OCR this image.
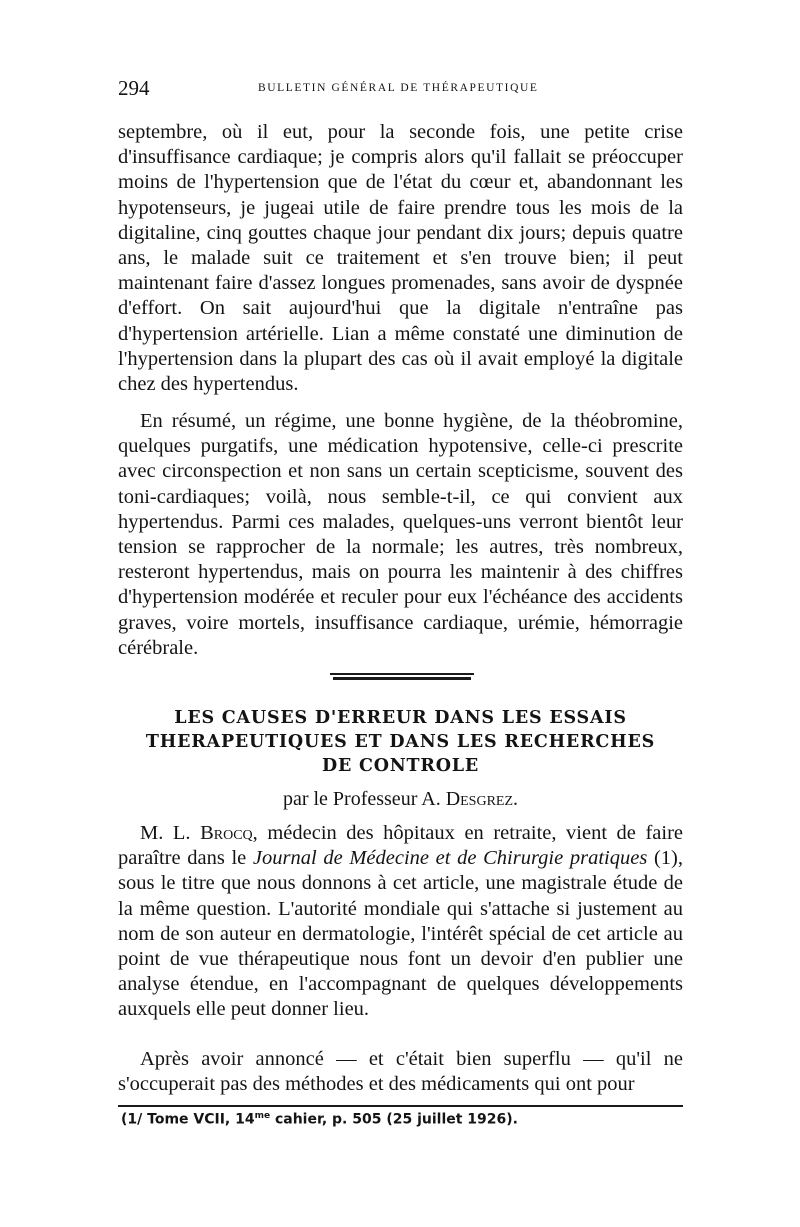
294	BULLETIN GÉNÉRAL DE THÉRAPEUTIQUE

septembre, où il eut, pour la seconde fois, une petite crise d'insuffisance cardiaque; je compris alors qu'il fallait se préoccuper moins de l'hypertension que de l'état du cœur et, abandonnant les hypotenseurs, je jugeai utile de faire prendre tous les mois de la digitaline, cinq gouttes chaque jour pendant dix jours; depuis quatre ans, le malade suit ce traitement et s'en trouve bien; il peut maintenant faire d'assez longues promenades, sans avoir de dyspnée d'effort. On sait aujourd'hui que la digitale n'entraîne pas d'hypertension artérielle. Lian a même constaté une diminution de l'hypertension dans la plupart des cas où il avait employé la digitale chez des hypertendus.

En résumé, un régime, une bonne hygiène, de la théobromine, quelques purgatifs, une médication hypotensive, celle-ci prescrite avec circonspection et non sans un certain scepticisme, souvent des toni-cardiaques; voilà, nous semble-t-il, ce qui convient aux hypertendus. Parmi ces malades, quelques-uns verront bientôt leur tension se rapprocher de la normale; les autres, très nombreux, resteront hypertendus, mais on pourra les maintenir à des chiffres d'hypertension modérée et reculer pour eux l'échéance des accidents graves, voire mortels, insuffisance cardiaque, urémie, hémorragie cérébrale.

LES CAUSES D'ERREUR DANS LES ESSAIS
THERAPEUTIQUES ET DANS LES RECHERCHES
DE CONTROLE
par le Professeur A. Desgrez.

M. L. Brocq, médecin des hôpitaux en retraite, vient de faire paraître dans le Journal de Médecine et de Chirurgie pratiques (1), sous le titre que nous donnons à cet article, une magistrale étude de la même question. L'autorité mondiale qui s'attache si justement au nom de son auteur en dermatologie, l'intérêt spécial de cet article au point de vue thérapeutique nous font un devoir d'en publier une analyse étendue, en l'accompagnant de quelques développements auxquels elle peut donner lieu.

Après avoir annoncé — et c'était bien superflu — qu'il ne s'occuperait pas des méthodes et des médicaments qui ont pour

(1/ Tome VCII, $14^{me}$ cahier, p. 505 (25 juillet 1926).
